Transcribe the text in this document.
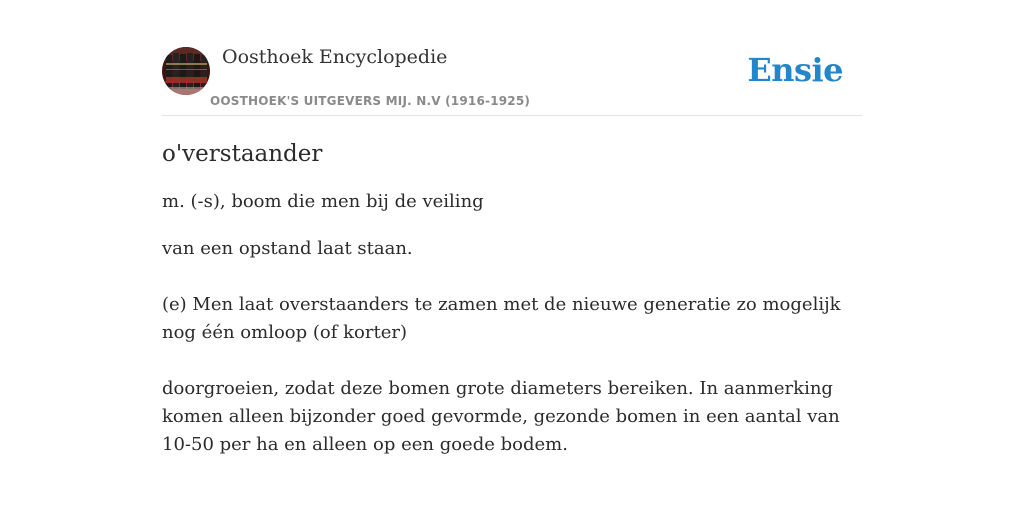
Oosthoek Encyclopedie
OOSTHOEK'S UITGEVERS MIJ. N.V (1916-1925)
Ensie
o'verstaander

m. (-s), boom die men bij de veiling

van een opstand laat staan.

(e) Men laat overstaanders te zamen met de nieuwe generatie zo mogelijk nog één omloop (of korter)

doorgroeien, zodat deze bomen grote diameters bereiken. In aanmerking komen alleen bijzonder goed gevormde, gezonde bomen in een aantal van 10-50 per ha en alleen op een goede bodem.
